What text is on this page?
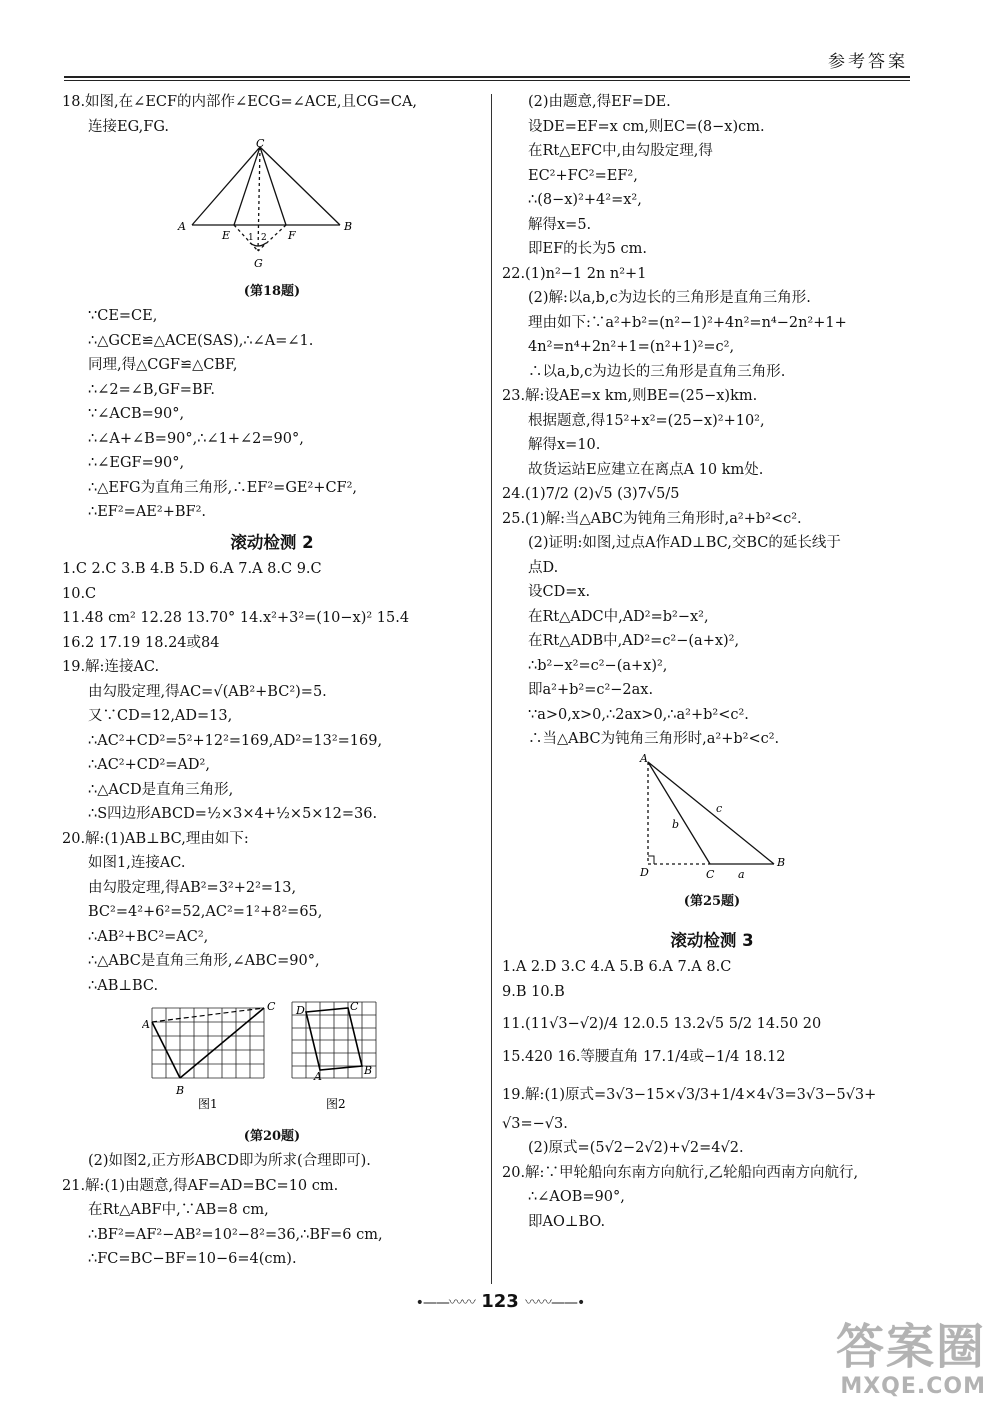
参考答案
18.如图,在∠ECF的内部作∠ECG=∠ACE,且CG=CA,
连接EG,FG.
C
A	B
E	F
G
1 2
(第18题)
∵CE=CE,
∴△GCE≌△ACE(SAS),∴∠A=∠1.
同理,得△CGF≌△CBF,
∴∠2=∠B,GF=BF.
∵∠ACB=90°,
∴∠A+∠B=90°,∴∠1+∠2=90°,
∴∠EGF=90°,
∴△EFG为直角三角形,∴EF²=GE²+CF²,
∴EF²=AE²+BF².
滚动检测 2
1.C 2.C 3.B 4.B 5.D 6.A 7.A 8.C 9.C
10.C
11.48 cm² 12.28 13.70° 14.x²+3²=(10−x)² 15.4
16.2 17.19 18.24或84
19.解:连接AC.
由勾股定理,得AC=√(AB²+BC²)=5.
又∵CD=12,AD=13,
∴AC²+CD²=5²+12²=169,AD²=13²=169,
∴AC²+CD²=AD²,
∴△ACD是直角三角形,
∴S四边形ABCD=½×3×4+½×5×12=36.
20.解:(1)AB⊥BC,理由如下:
如图1,连接AC.
由勾股定理,得AB²=3²+2²=13,
BC²=4²+6²=52,AC²=1²+8²=65,
∴AB²+BC²=AC²,
∴△ABC是直角三角形,∠ABC=90°,
∴AB⊥BC.
A
B
C D	C
B
A
图1	图2
(第20题)
(2)如图2,正方形ABCD即为所求(合理即可).
21.解:(1)由题意,得AF=AD=BC=10 cm.
在Rt△ABF中,∵AB=8 cm,
∴BF²=AF²−AB²=10²−8²=36,∴BF=6 cm,
∴FC=BC−BF=10−6=4(cm).
(2)由题意,得EF=DE.
设DE=EF=x cm,则EC=(8−x)cm.
在Rt△EFC中,由勾股定理,得
EC²+FC²=EF²,
∴(8−x)²+4²=x²,
解得x=5.
即EF的长为5 cm.
22.(1)n²−1 2n n²+1
(2)解:以a,b,c为边长的三角形是直角三角形.
理由如下:∵a²+b²=(n²−1)²+4n²=n⁴−2n²+1+
4n²=n⁴+2n²+1=(n²+1)²=c²,
∴以a,b,c为边长的三角形是直角三角形.
23.解:设AE=x km,则BE=(25−x)km.
根据题意,得15²+x²=(25−x)²+10²,
解得x=10.
故货运站E应建立在离点A 10 km处.
24.(1)7/2 (2)√5 (3)7√5/5
25.(1)解:当△ABC为钝角三角形时,a²+b²<c².
(2)证明:如图,过点A作AD⊥BC,交BC的延长线于
点D.
设CD=x.
在Rt△ADC中,AD²=b²−x²,
在Rt△ADB中,AD²=c²−(a+x)²,
∴b²−x²=c²−(a+x)²,
即a²+b²=c²−2ax.
∵a>0,x>0,∴2ax>0,∴a²+b²<c².
∴当△ABC为钝角三角形时,a²+b²<c².
A
B
C
D	a
b
c
(第25题)
滚动检测 3
1.A 2.D 3.C 4.A 5.B 6.A 7.A 8.C
9.B 10.B
11.(11√3−√2)/4 12.0.5 13.2√5 5/2 14.50 20
15.420 16.等腰直角 17.1/4或−1/4 18.12
19.解:(1)原式=3√3−15×√3/3+1/4×4√3=3√3−5√3+
√3=−√3.
(2)原式=(5√2−2√2)+√2=4√2.
20.解:∵甲轮船向东南方向航行,乙轮船向西南方向航行,
∴∠AOB=90°,
即AO⊥BO.
•——〰〰 123 〰〰——•
答案圈
MXQE.COM
